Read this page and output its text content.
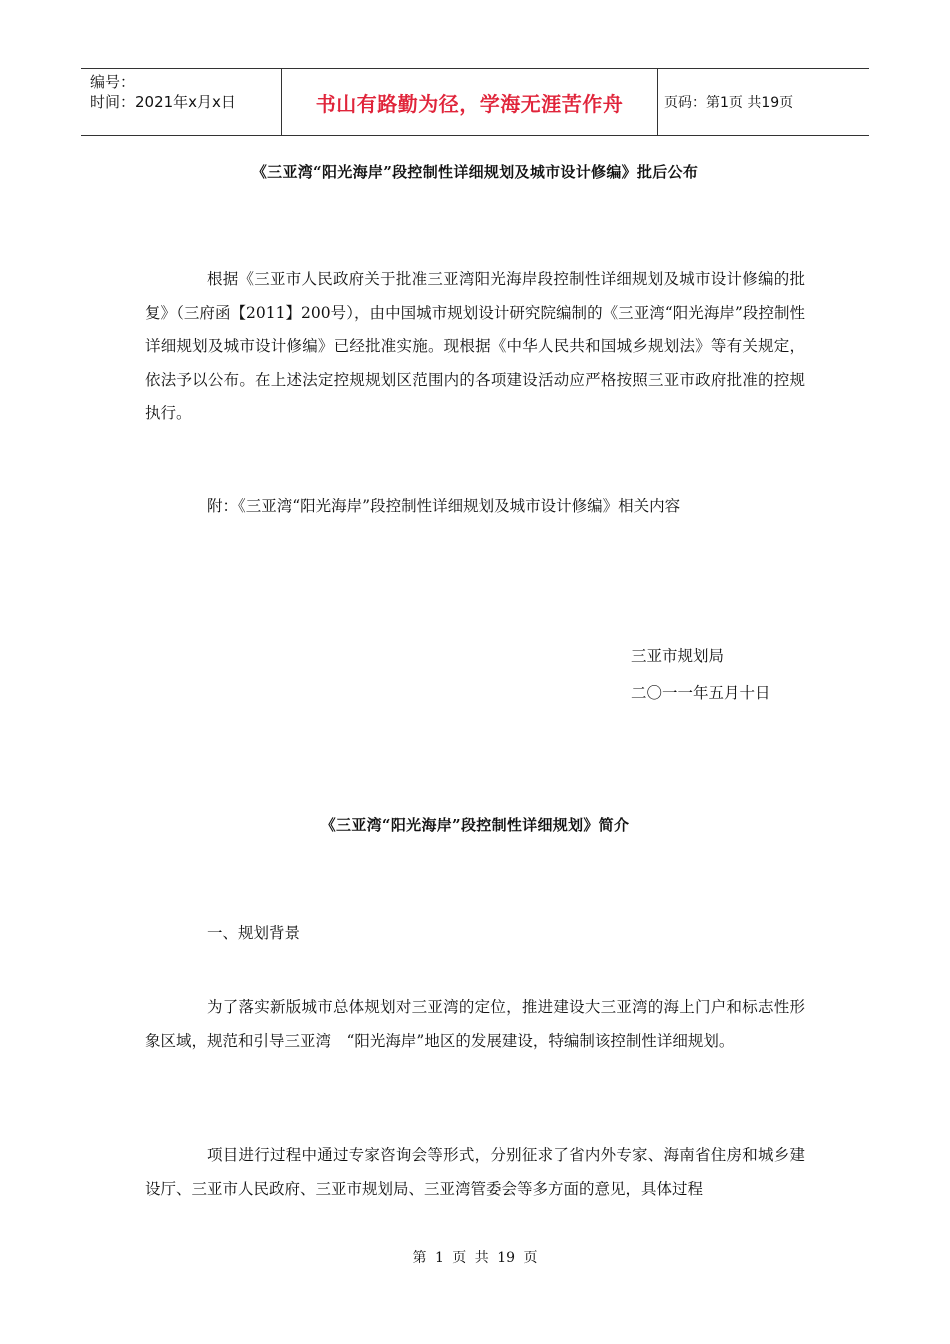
编号：
时间：2021年x月x日	书山有路勤为径，学海无涯苦作舟	页码：第1页 共19页
《三亚湾“阳光海岸”段控制性详细规划及城市设计修编》批后公布

根据《三亚市人民政府关于批准三亚湾阳光海岸段控制性详细规划及城市设计修编的批复》（三府函【2011】200号），由中国城市规划设计研究院编制的《三亚湾“阳光海岸”段控制性详细规划及城市设计修编》已经批准实施。现根据《中华人民共和国城乡规划法》等有关规定，依法予以公布。在上述法定控规规划区范围内的各项建设活动应严格按照三亚市政府批准的控规执行。

附：《三亚湾“阳光海岸”段控制性详细规划及城市设计修编》相关内容
三亚市规划局
二〇一一年五月十日
《三亚湾“阳光海岸”段控制性详细规划》简介
一、规划背景

为了落实新版城市总体规划对三亚湾的定位，推进建设大三亚湾的海上门户和标志性形象区域，规范和引导三亚湾　“阳光海岸”地区的发展建设，特编制该控制性详细规划。

项目进行过程中通过专家咨询会等形式，分别征求了省内外专家、海南省住房和城乡建设厅、三亚市人民政府、三亚市规划局、三亚湾管委会等多方面的意见，具体过程

第 1 页 共 19 页
